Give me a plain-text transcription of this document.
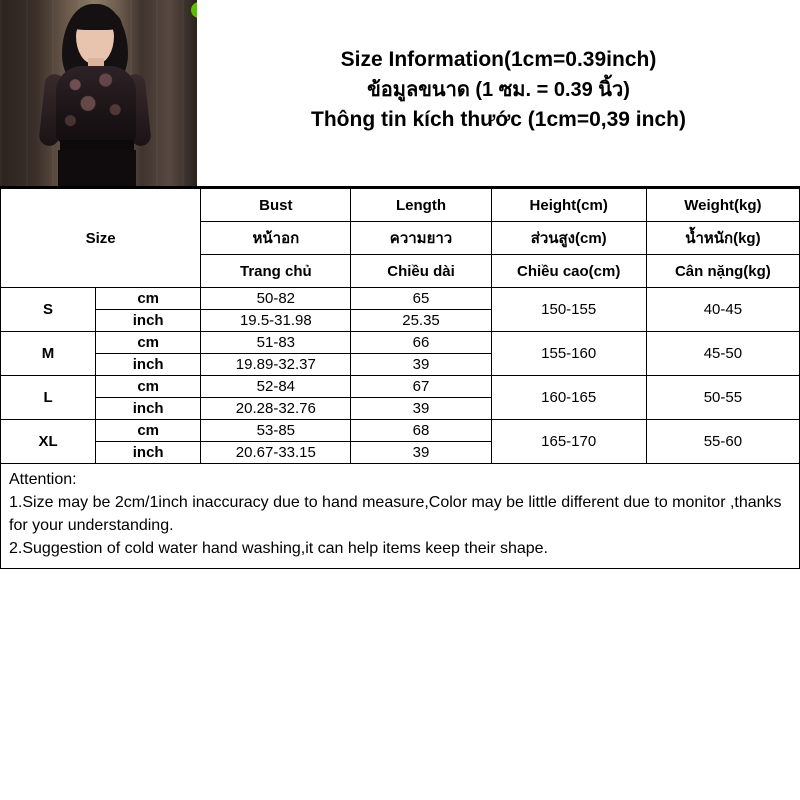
Size Information(1cm=0.39inch)
ข้อมูลขนาด (1 ซม. = 0.39 นิ้ว)
Thông tin kích thước (1cm=0,39 inch)
Size		Bust	Length	Height(cm)	Weight(kg)
		หน้าอก	ความยาว	ส่วนสูง(cm)	น้ำหนัก(kg)
		Trang chủ	Chiều dài	Chiều cao(cm)	Cân nặng(kg)
S	cm	50-82	65	150-155	40-45
	inch	19.5-31.98	25.35		
M	cm	51-83	66	155-160	45-50
	inch	19.89-32.37	39		
L	cm	52-84	67	160-165	50-55
	inch	20.28-32.76	39		
XL	cm	53-85	68	165-170	55-60
	inch	20.67-33.15	39		

Attention:

1.Size may be 2cm/1inch inaccuracy due to hand measure,Color may be little different due to monitor ,thanks for your understanding.

2.Suggestion of cold water hand washing,it can help items keep their shape.
